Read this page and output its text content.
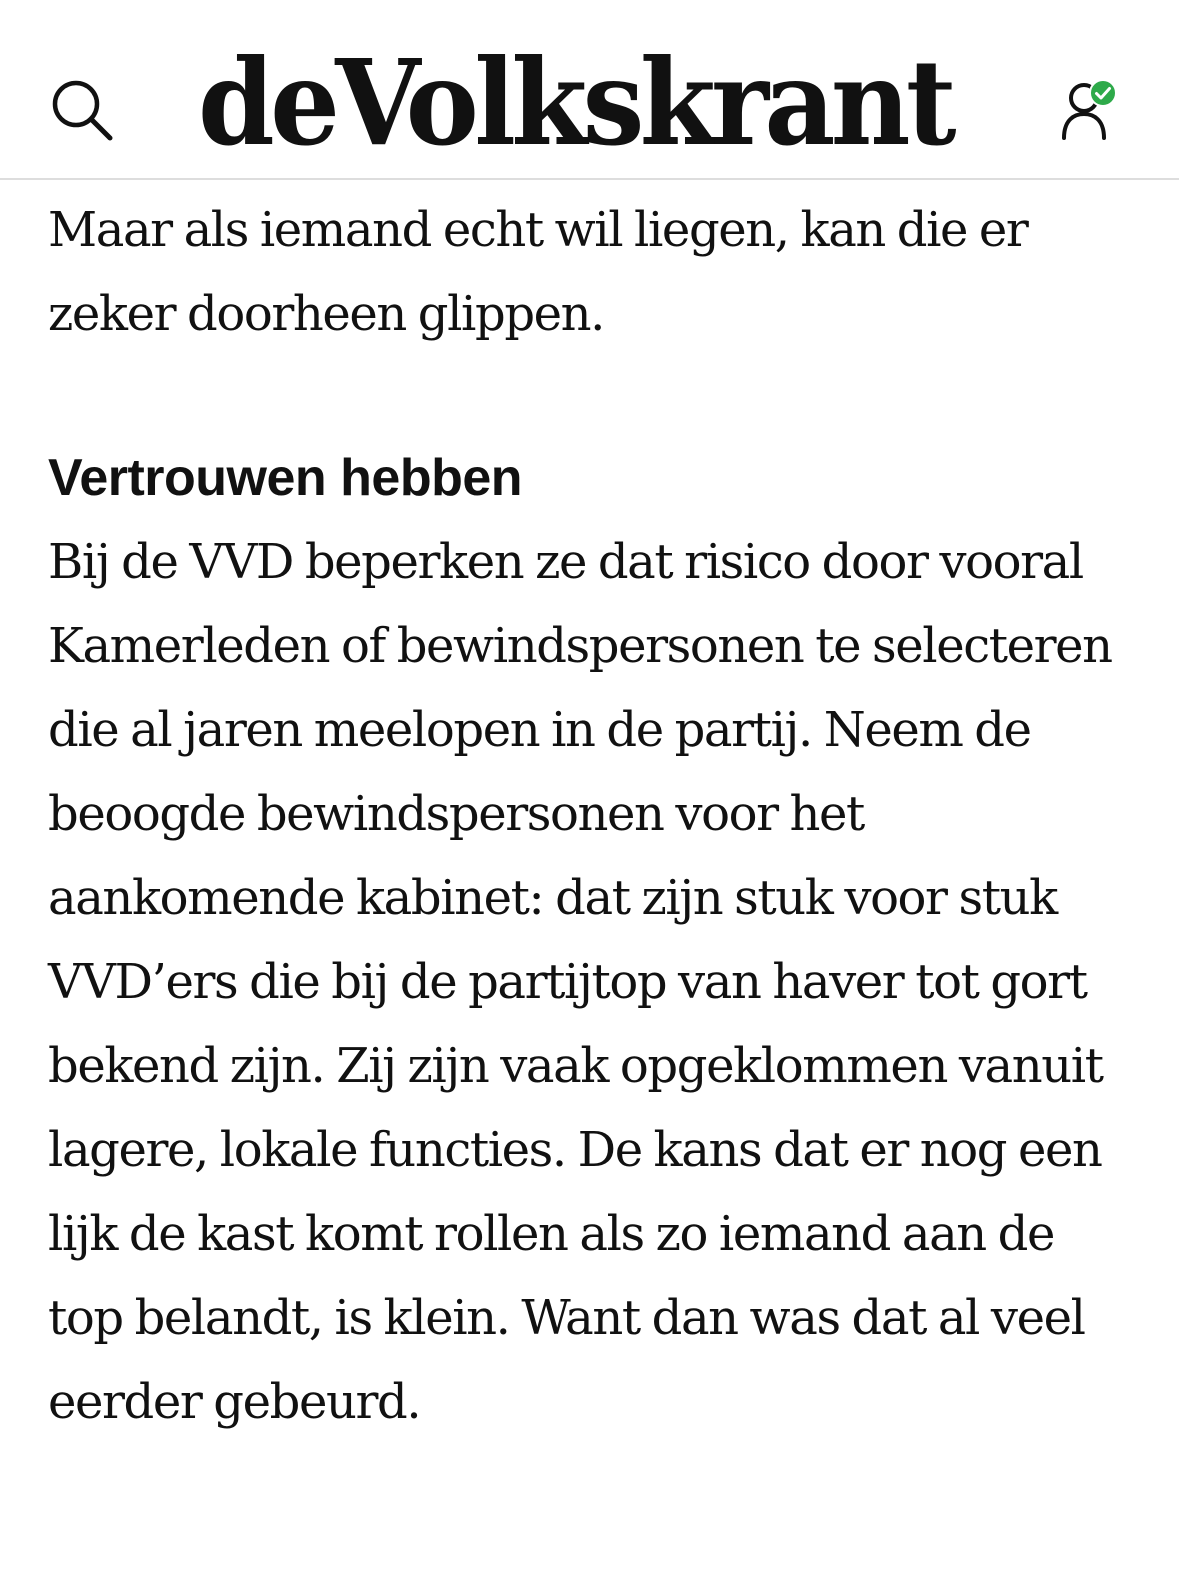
deVolkskrant

Maar als iemand echt wil liegen, kan die er zeker doorheen glippen.

Vertrouwen hebben

Bij de VVD beperken ze dat risico door vooral Kamerleden of bewindspersonen te selecteren die al jaren meelopen in de partij. Neem de beoogde bewindspersonen voor het aankomende kabinet: dat zijn stuk voor stuk VVD’ers die bij de partijtop van haver tot gort bekend zijn. Zij zijn vaak opgeklommen vanuit lagere, lokale functies. De kans dat er nog een lijk de kast komt rollen als zo iemand aan de top belandt, is klein. Want dan was dat al veel eerder gebeurd.
